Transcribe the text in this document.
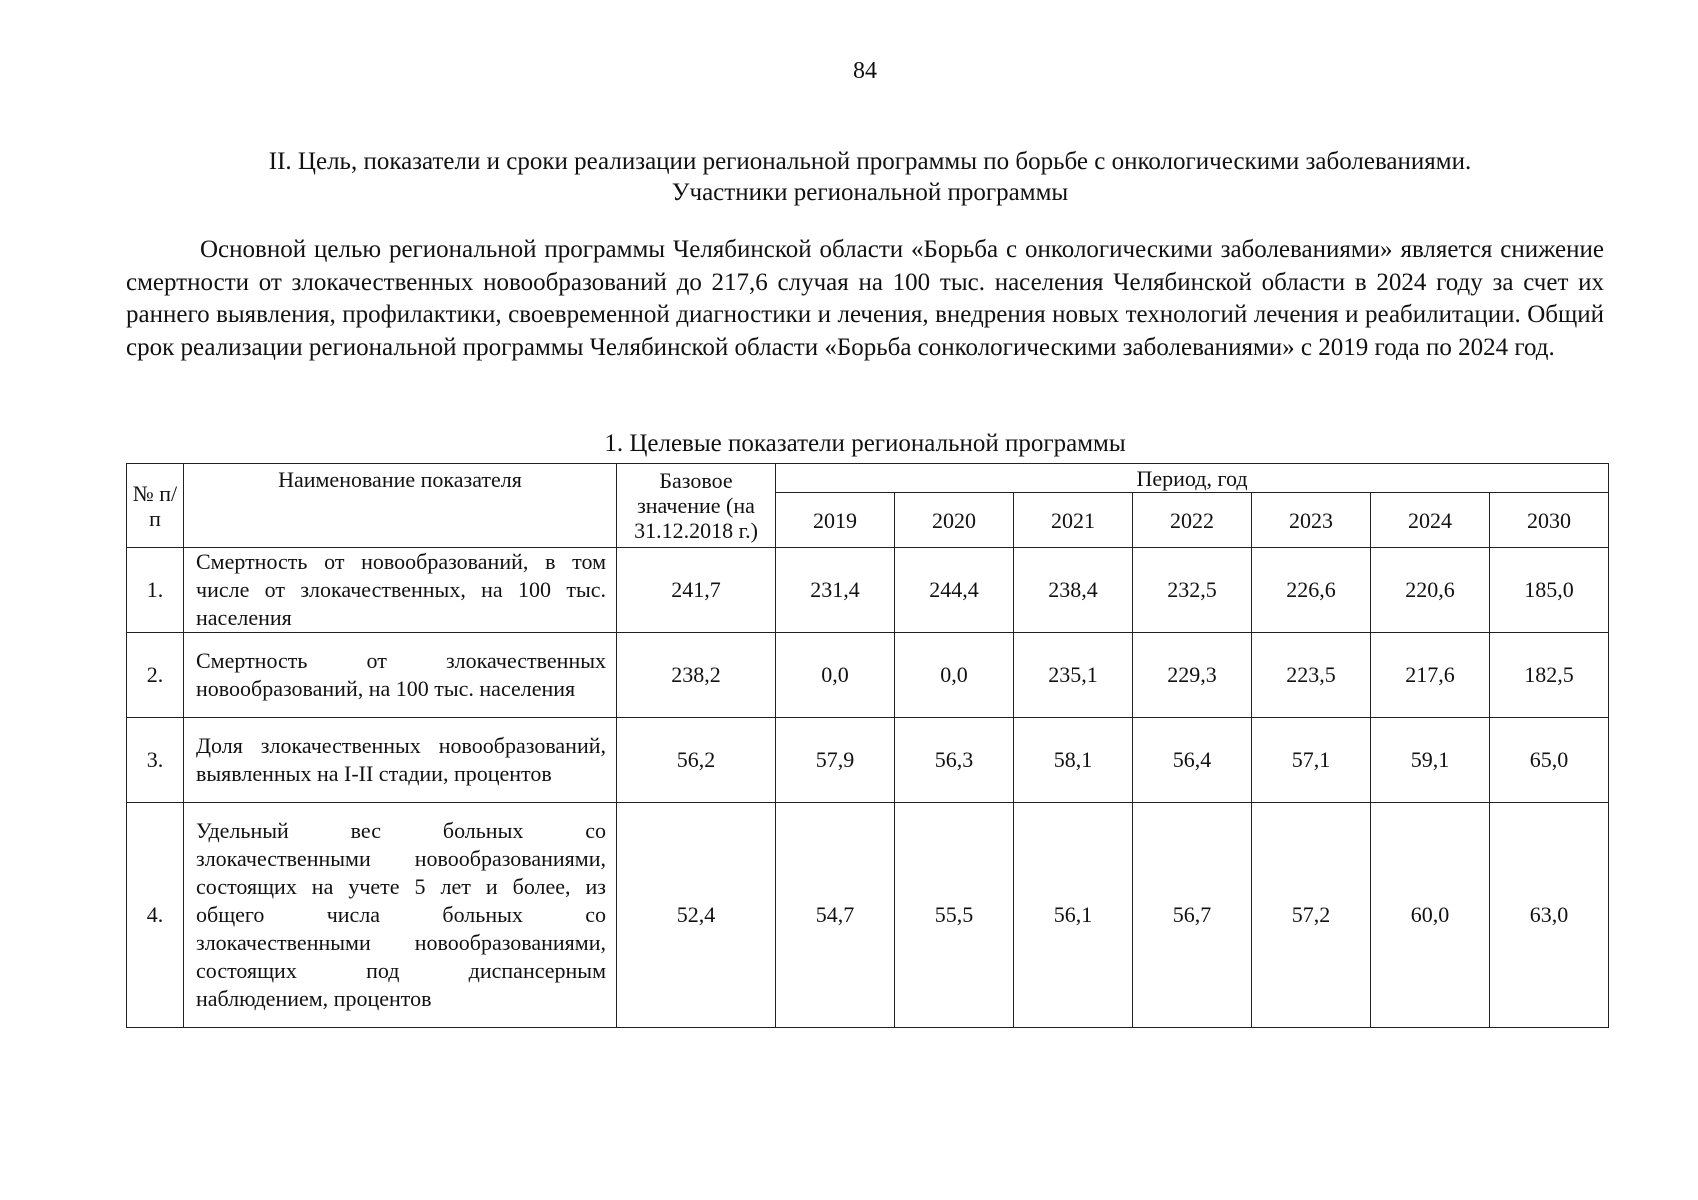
84
II. Цель, показатели и сроки реализации региональной программы по борьбе с онкологическими заболеваниями.
Участники региональной программы

Основной целью региональной программы Челябинской области «Борьба с онкологическими заболеваниями» является снижение смертности от злокачественных новообразований до 217,6 случая на 100 тыс. населения Челябинской области в 2024 году за счет их раннего выявления, профилактики, своевременной диагностики и лечения, внедрения новых технологий лечения и реабилитации. Общий срок реализации региональной программы Челябинской области «Борьба сонкологическими заболеваниями» с 2019 года по 2024 год.

1. Целевые показатели региональной программы
№ п/п	Наименование показателя	Базовое значение (на 31.12.2018 г.)	Период, год						
			2019	2020	2021	2022	2023	2024	2030
1.	Смертность от новообразований, в том числе от злокачественных, на 100 тыс. населения	241,7	231,4	244,4	238,4	232,5	226,6	220,6	185,0
2.	Смертность от злокачественных новообразований, на 100 тыс. населения	238,2	0,0	0,0	235,1	229,3	223,5	217,6	182,5
3.	Доля злокачественных новообразований, выявленных на I-II стадии, процентов	56,2	57,9	56,3	58,1	56,4	57,1	59,1	65,0
4.	Удельный вес больных со злокачественными новообразованиями, состоящих на учете 5 лет и более, из общего числа больных со злокачественными новообразованиями, состоящих под диспансерным наблюдением, процентов	52,4	54,7	55,5	56,1	56,7	57,2	60,0	63,0
